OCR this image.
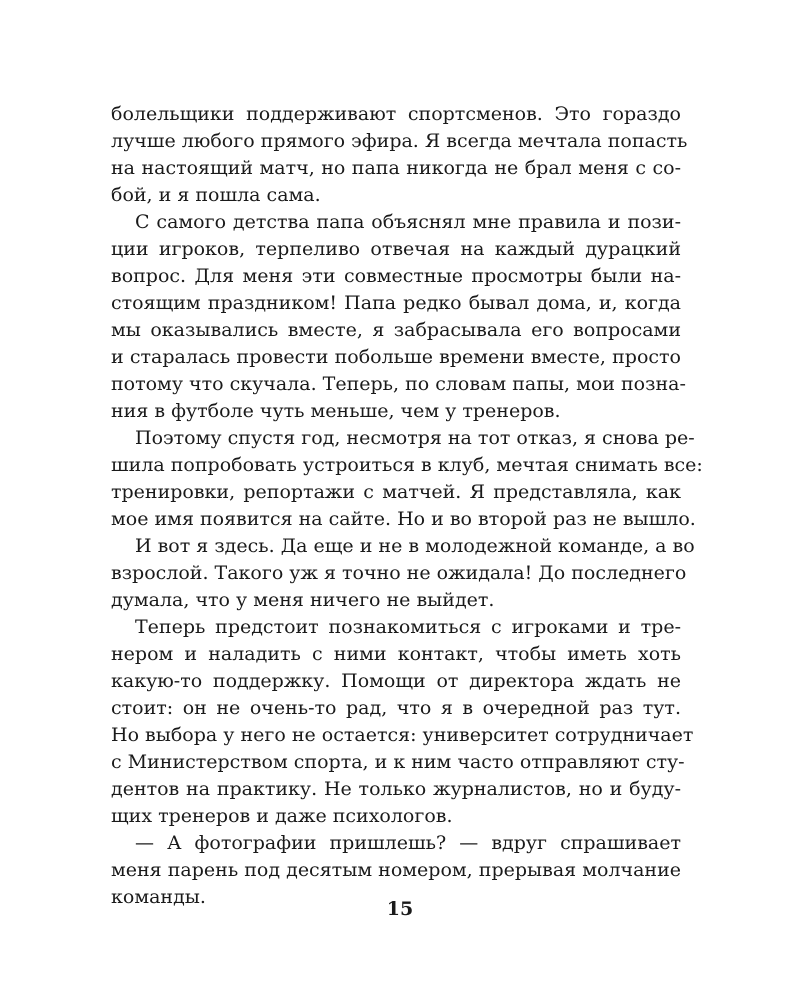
болельщики поддерживают спортсменов. Это гораздо
лучше любого прямого эфира. Я всегда мечтала попасть
на настоящий матч, но папа никогда не брал меня с со-
бой, и я пошла сама.
С самого детства папа объяснял мне правила и пози-
ции игроков, терпеливо отвечая на каждый дурацкий
вопрос. Для меня эти совместные просмотры были на-
стоящим праздником! Папа редко бывал дома, и, когда
мы оказывались вместе, я забрасывала его вопросами
и старалась провести побольше времени вместе, просто
потому что скучала. Теперь, по словам папы, мои позна-
ния в футболе чуть меньше, чем у тренеров.
Поэтому спустя год, несмотря на тот отказ, я снова ре-
шила попробовать устроиться в клуб, мечтая снимать все:
тренировки, репортажи с матчей. Я представляла, как
мое имя появится на сайте. Но и во второй раз не вышло.
И вот я здесь. Да еще и не в молодежной команде, а во
взрослой. Такого уж я точно не ожидала! До последнего
думала, что у меня ничего не выйдет.
Теперь предстоит познакомиться с игроками и тре-
нером и наладить с ними контакт, чтобы иметь хоть
какую-то поддержку. Помощи от директора ждать не
стоит: он не очень-то рад, что я в очередной раз тут.
Но выбора у него не остается: университет сотрудничает
с Министерством спорта, и к ним часто отправляют сту-
дентов на практику. Не только журналистов, но и буду-
щих тренеров и даже психологов.
— А фотографии пришлешь? — вдруг спрашивает
меня парень под десятым номером, прерывая молчание
команды.
15
